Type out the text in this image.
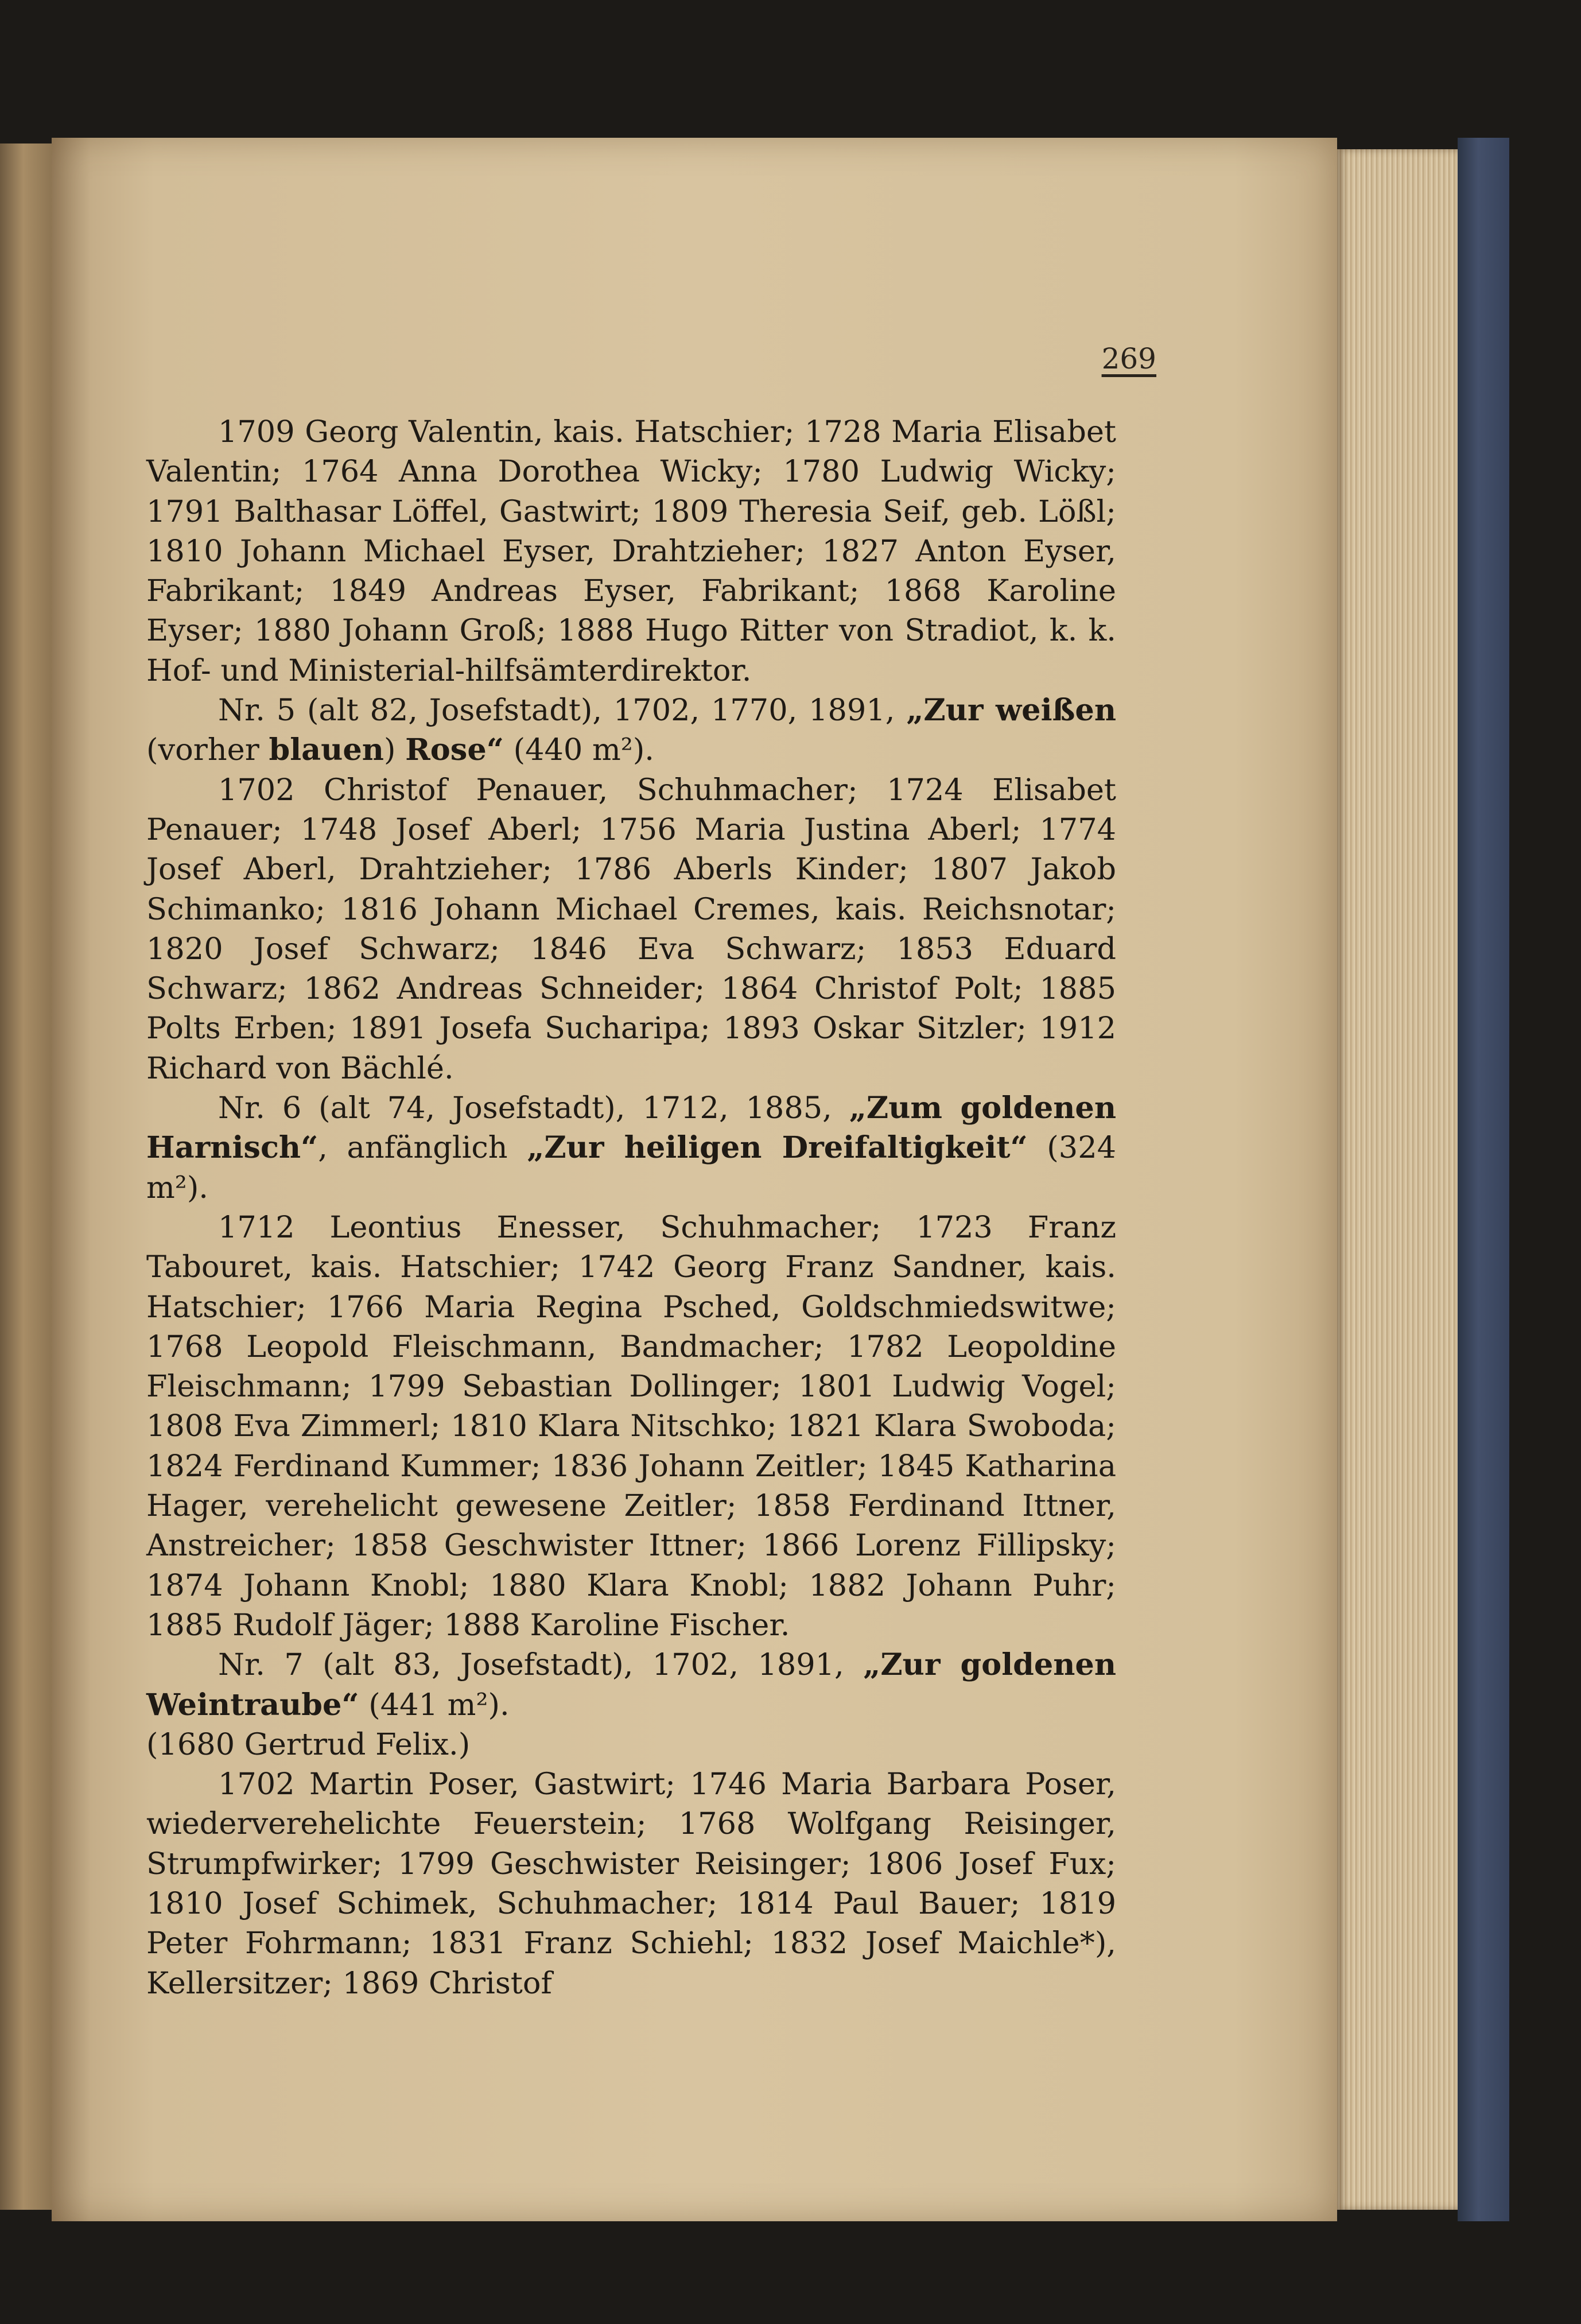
269

1709 Georg Valentin, kais. Hatschier; 1728 Maria Elisabet Valentin; 1764 Anna Dorothea Wicky; 1780 Ludwig Wicky; 1791 Balthasar Löffel, Gastwirt; 1809 Theresia Seif, geb. Lößl; 1810 Johann Michael Eyser, Drahtzieher; 1827 Anton Eyser, Fabrikant; 1849 Andreas Eyser, Fabrikant; 1868 Karoline Eyser; 1880 Johann Groß; 1888 Hugo Ritter von Stradiot, k. k. Hof- und Ministerial-hilfsämterdirektor.

Nr. 5 (alt 82, Josefstadt), 1702, 1770, 1891, „Zur weißen (vorher blauen) Rose“ (440 m²).

1702 Christof Penauer, Schuhmacher; 1724 Elisabet Penauer; 1748 Josef Aberl; 1756 Maria Justina Aberl; 1774 Josef Aberl, Drahtzieher; 1786 Aberls Kinder; 1807 Jakob Schimanko; 1816 Johann Michael Cremes, kais. Reichsnotar; 1820 Josef Schwarz; 1846 Eva Schwarz; 1853 Eduard Schwarz; 1862 Andreas Schneider; 1864 Christof Polt; 1885 Polts Erben; 1891 Josefa Sucharipa; 1893 Oskar Sitzler; 1912 Richard von Bächlé.

Nr. 6 (alt 74, Josefstadt), 1712, 1885, „Zum goldenen Harnisch“, anfänglich „Zur heiligen Dreifaltigkeit“ (324 m²).

1712 Leontius Enesser, Schuhmacher; 1723 Franz Tabouret, kais. Hatschier; 1742 Georg Franz Sandner, kais. Hatschier; 1766 Maria Regina Psched, Goldschmiedswitwe; 1768 Leopold Fleischmann, Bandmacher; 1782 Leopoldine Fleischmann; 1799 Sebastian Dollinger; 1801 Ludwig Vogel; 1808 Eva Zimmerl; 1810 Klara Nitschko; 1821 Klara Swoboda; 1824 Ferdinand Kummer; 1836 Johann Zeitler; 1845 Katharina Hager, verehelicht gewesene Zeitler; 1858 Ferdinand Ittner, Anstreicher; 1858 Geschwister Ittner; 1866 Lorenz Fillipsky; 1874 Johann Knobl; 1880 Klara Knobl; 1882 Johann Puhr; 1885 Rudolf Jäger; 1888 Karoline Fischer.

Nr. 7 (alt 83, Josefstadt), 1702, 1891, „Zur goldenen Weintraube“ (441 m²).

(1680 Gertrud Felix.)

1702 Martin Poser, Gastwirt; 1746 Maria Barbara Poser, wiederverehelichte Feuerstein; 1768 Wolfgang Reisinger, Strumpfwirker; 1799 Geschwister Reisinger; 1806 Josef Fux; 1810 Josef Schimek, Schuhmacher; 1814 Paul Bauer; 1819 Peter Fohrmann; 1831 Franz Schiehl; 1832 Josef Maichle*), Kellersitzer; 1869 Christof
